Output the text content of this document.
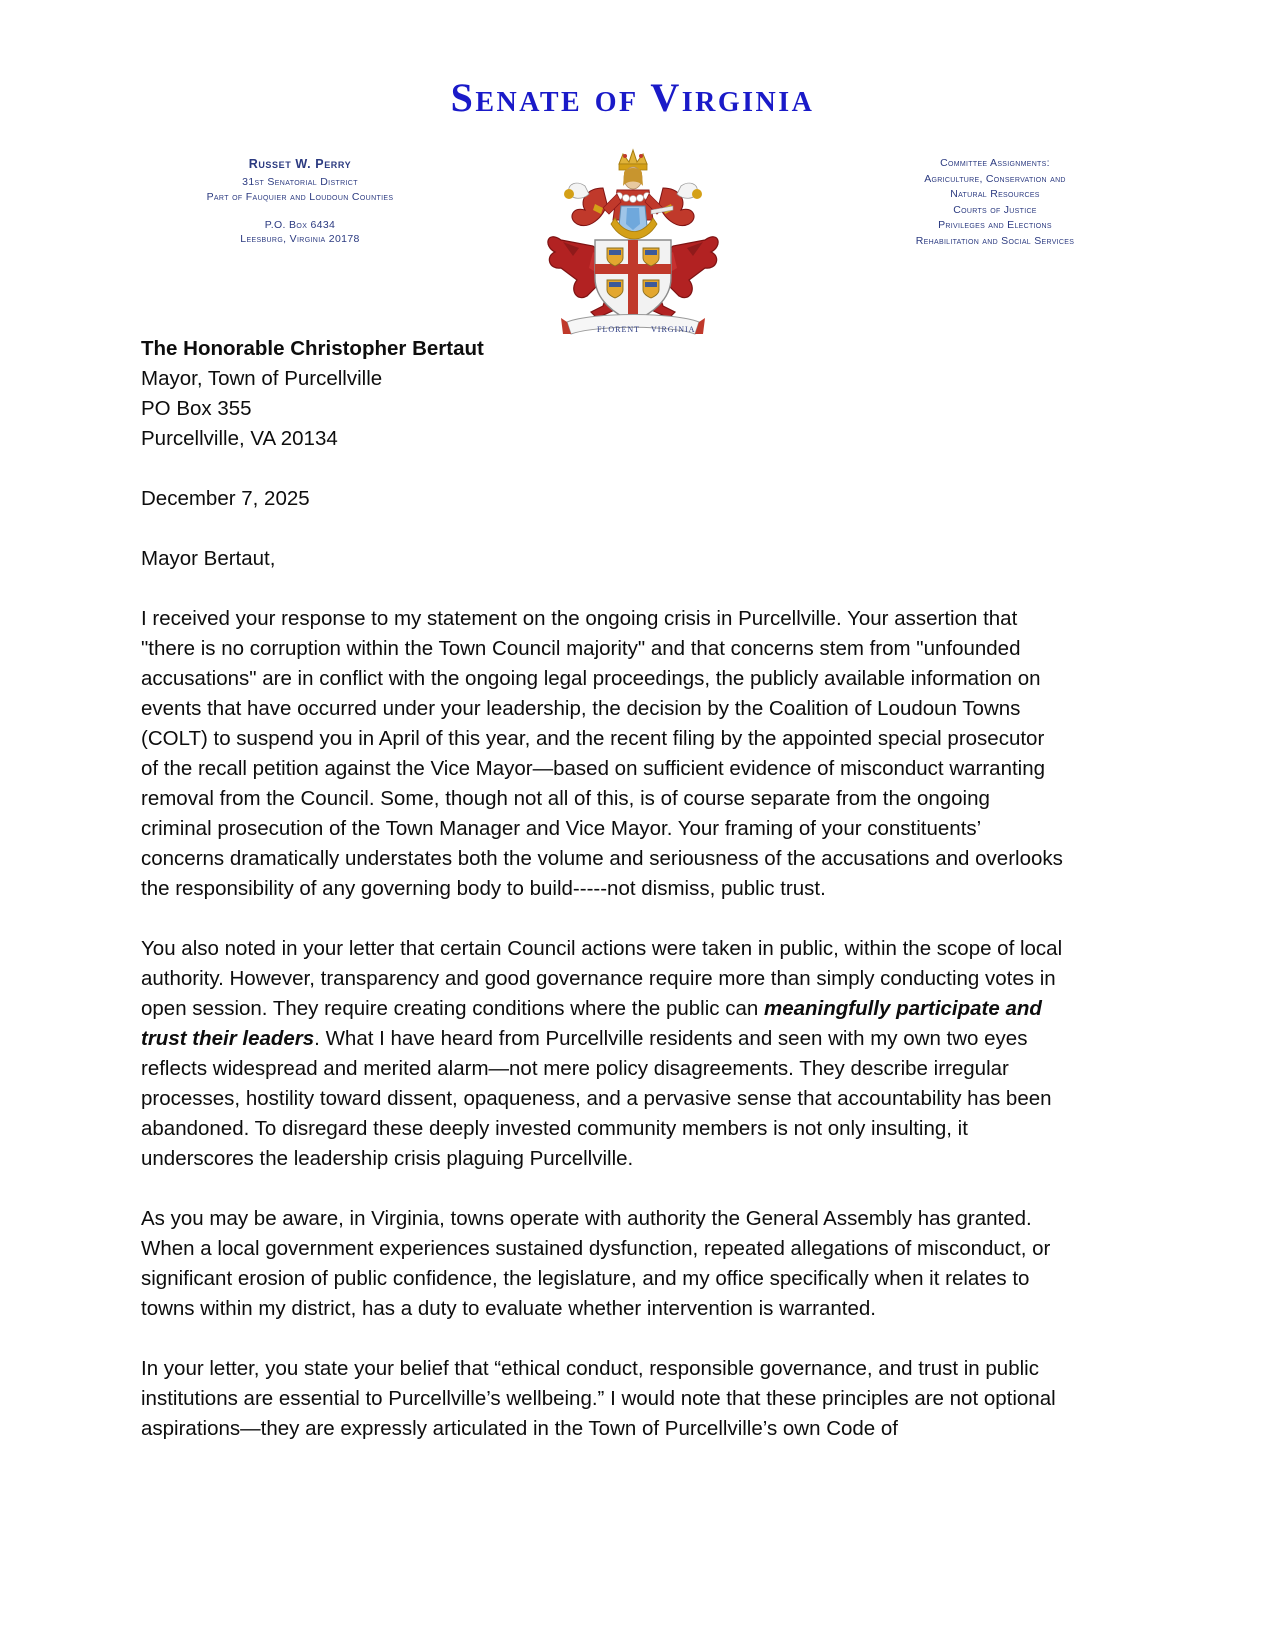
Senate of Virginia
Russet W. Perry
31st Senatorial District
Part of Fauquier and Loudoun Counties
P.O. Box 6434
Leesburg, Virginia 20178
FLORENT VIRGINIA
Committee Assignments:
Agriculture, Conservation and
Natural Resources
Courts of Justice
Privileges and Elections
Rehabilitation and Social Services
The Honorable Christopher Bertaut
Mayor, Town of Purcellville
PO Box 355
Purcellville, VA 20134
December 7, 2025
Mayor Bertaut,

I received your response to my statement on the ongoing crisis in Purcellville. Your assertion that "there is no corruption within the Town Council majority" and that concerns stem from "unfounded accusations" are in conflict with the ongoing legal proceedings, the publicly available information on events that have occurred under your leadership, the decision by the Coalition of Loudoun Towns (COLT) to suspend you in April of this year, and the recent filing by the appointed special prosecutor of the recall petition against the Vice Mayor—based on sufficient evidence of misconduct warranting removal from the Council. Some, though not all of this, is of course separate from the ongoing criminal prosecution of the Town Manager and Vice Mayor. Your framing of your constituents’ concerns dramatically understates both the volume and seriousness of the accusations and overlooks the responsibility of any governing body to build-----not dismiss, public trust.

You also noted in your letter that certain Council actions were taken in public, within the scope of local authority. However, transparency and good governance require more than simply conducting votes in open session. They require creating conditions where the public can meaningfully participate and trust their leaders. What I have heard from Purcellville residents and seen with my own two eyes reflects widespread and merited alarm—not mere policy disagreements. They describe irregular processes, hostility toward dissent, opaqueness, and a pervasive sense that accountability has been abandoned. To disregard these deeply invested community members is not only insulting, it underscores the leadership crisis plaguing Purcellville.

As you may be aware, in Virginia, towns operate with authority the General Assembly has granted. When a local government experiences sustained dysfunction, repeated allegations of misconduct, or significant erosion of public confidence, the legislature, and my office specifically when it relates to towns within my district, has a duty to evaluate whether intervention is warranted.

In your letter, you state your belief that “ethical conduct, responsible governance, and trust in public institutions are essential to Purcellville’s wellbeing.” I would note that these principles are not optional aspirations—they are expressly articulated in the Town of Purcellville’s own Code of
